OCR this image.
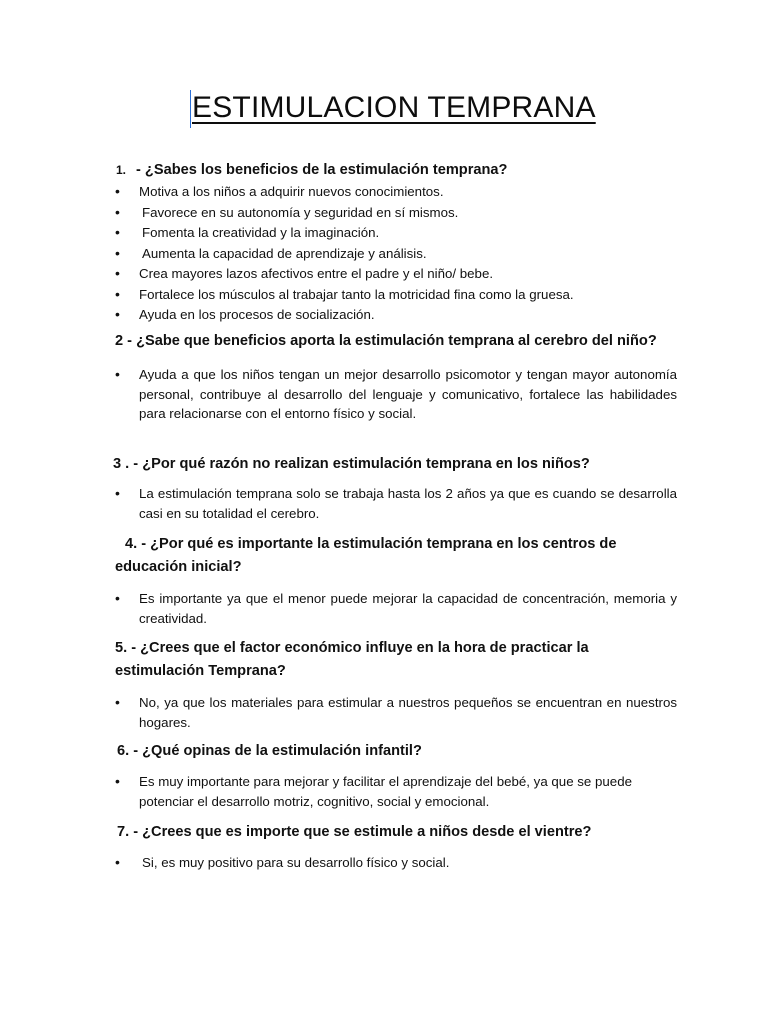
ESTIMULACION TEMPRANA

1. - ¿Sabes los beneficios de la estimulación temprana?

• Motiva a los niños a adquirir nuevos conocimientos.
• Favorece en su autonomía y seguridad en sí mismos.
• Fomenta la creatividad y la imaginación.
• Aumenta la capacidad de aprendizaje y análisis.
• Crea mayores lazos afectivos entre el padre y el niño/ bebe.
• Fortalece los músculos al trabajar tanto la motricidad fina como la gruesa.
• Ayuda en los procesos de socialización.

2 - ¿Sabe que beneficios aporta la estimulación temprana al cerebro del niño?

• Ayuda a que los niños tengan un mejor desarrollo psicomotor y tengan mayor autonomía personal, contribuye al desarrollo del lenguaje y comunicativo, fortalece las habilidades para relacionarse con el entorno físico y social.

3 . - ¿Por qué razón no realizan estimulación temprana en los niños?

• La estimulación temprana solo se trabaja hasta los 2 años ya que es cuando se desarrolla casi en su totalidad el cerebro.

4. - ¿Por qué es importante la estimulación temprana en los centros de educación inicial?

• Es importante ya que el menor puede mejorar la capacidad de concentración, memoria y creatividad.

5. - ¿Crees que el factor económico influye en la hora de practicar la estimulación Temprana?

• No, ya que los materiales para estimular a nuestros pequeños se encuentran en nuestros hogares.

6. - ¿Qué opinas de la estimulación infantil?

• Es muy importante para mejorar y facilitar el aprendizaje del bebé, ya que se puede potenciar el desarrollo motriz, cognitivo, social y emocional.

7. - ¿Crees que es importe que se estimule a niños desde el vientre?

• Si, es muy positivo para su desarrollo físico y social.
